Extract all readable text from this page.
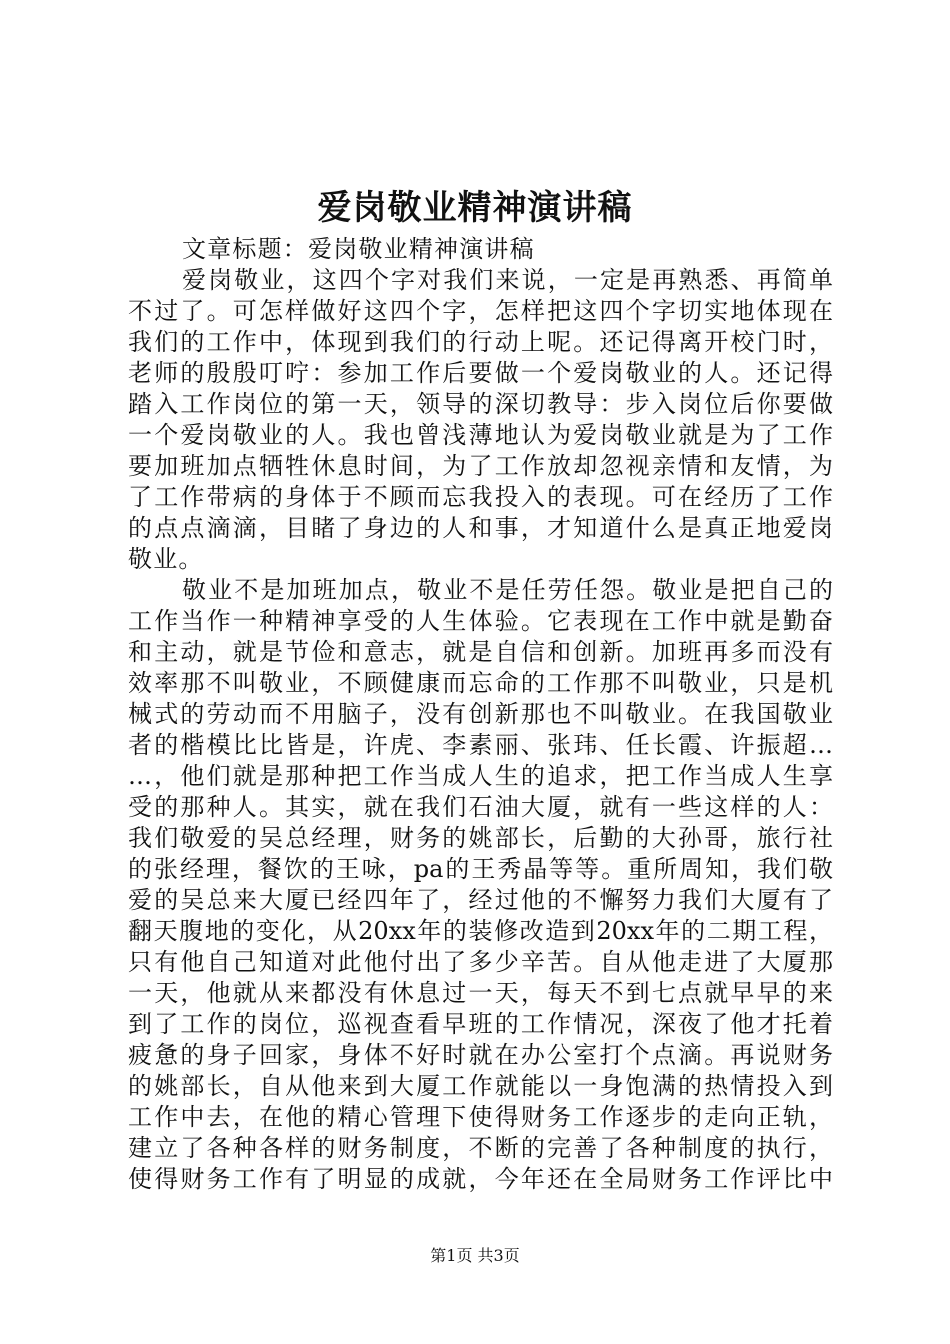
爱岗敬业精神演讲稿
文章标题：爱岗敬业精神演讲稿
爱岗敬业，这四个字对我们来说，一定是再熟悉、再简单
不过了。可怎样做好这四个字，怎样把这四个字切实地体现在
我们的工作中，体现到我们的行动上呢。还记得离开校门时，
老师的殷殷叮咛：参加工作后要做一个爱岗敬业的人。还记得
踏入工作岗位的第一天，领导的深切教导：步入岗位后你要做
一个爱岗敬业的人。我也曾浅薄地认为爱岗敬业就是为了工作
要加班加点牺牲休息时间，为了工作放却忽视亲情和友情，为
了工作带病的身体于不顾而忘我投入的表现。可在经历了工作
的点点滴滴，目睹了身边的人和事，才知道什么是真正地爱岗
敬业。
敬业不是加班加点，敬业不是任劳任怨。敬业是把自己的
工作当作一种精神享受的人生体验。它表现在工作中就是勤奋
和主动，就是节俭和意志，就是自信和创新。加班再多而没有
效率那不叫敬业，不顾健康而忘命的工作那不叫敬业，只是机
械式的劳动而不用脑子，没有创新那也不叫敬业。在我国敬业
者的楷模比比皆是，许虎、李素丽、张玮、任长霞、许振超…
…，他们就是那种把工作当成人生的追求，把工作当成人生享
受的那种人。其实，就在我们石油大厦，就有一些这样的人：
我们敬爱的吴总经理，财务的姚部长，后勤的大孙哥，旅行社
的张经理，餐饮的王咏，pa的王秀晶等等。重所周知，我们敬
爱的吴总来大厦已经四年了，经过他的不懈努力我们大厦有了
翻天腹地的变化，从20xx年的装修改造到20xx年的二期工程，
只有他自己知道对此他付出了多少辛苦。自从他走进了大厦那
一天，他就从来都没有休息过一天，每天不到七点就早早的来
到了工作的岗位，巡视查看早班的工作情况，深夜了他才托着
疲惫的身子回家，身体不好时就在办公室打个点滴。再说财务
的姚部长，自从他来到大厦工作就能以一身饱满的热情投入到
工作中去，在他的精心管理下使得财务工作逐步的走向正轨，
建立了各种各样的财务制度，不断的完善了各种制度的执行，
使得财务工作有了明显的成就，今年还在全局财务工作评比中
第1页 共3页
